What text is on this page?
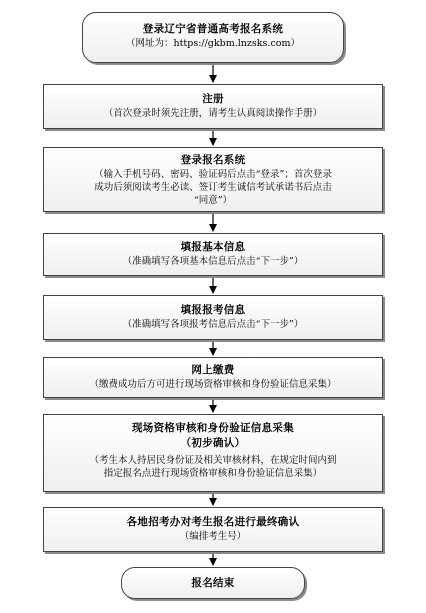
登录辽宁省普通高考报名系统
（网址为：https://gkbm.lnzsks.com）
注册
（首次登录时须先注册，请考生认真阅读操作手册）
登录报名系统
（输入手机号码、密码、验证码后点击“登录”；首次登录
成功后须阅读考生必读、签订考生诚信考试承诺书后点击
“同意”）
填报基本信息
（准确填写各项基本信息后点击“下一步”）
填报报考信息
（准确填写各项报考信息后点击“下一步”）
网上缴费
（缴费成功后方可进行现场资格审核和身份验证信息采集）
现场资格审核和身份验证信息采集
（初步确认）
（考生本人持居民身份证及相关审核材料，在规定时间内到
指定报名点进行现场资格审核和身份验证信息采集）
各地招考办对考生报名进行最终确认
（编排考生号）
报名结束
